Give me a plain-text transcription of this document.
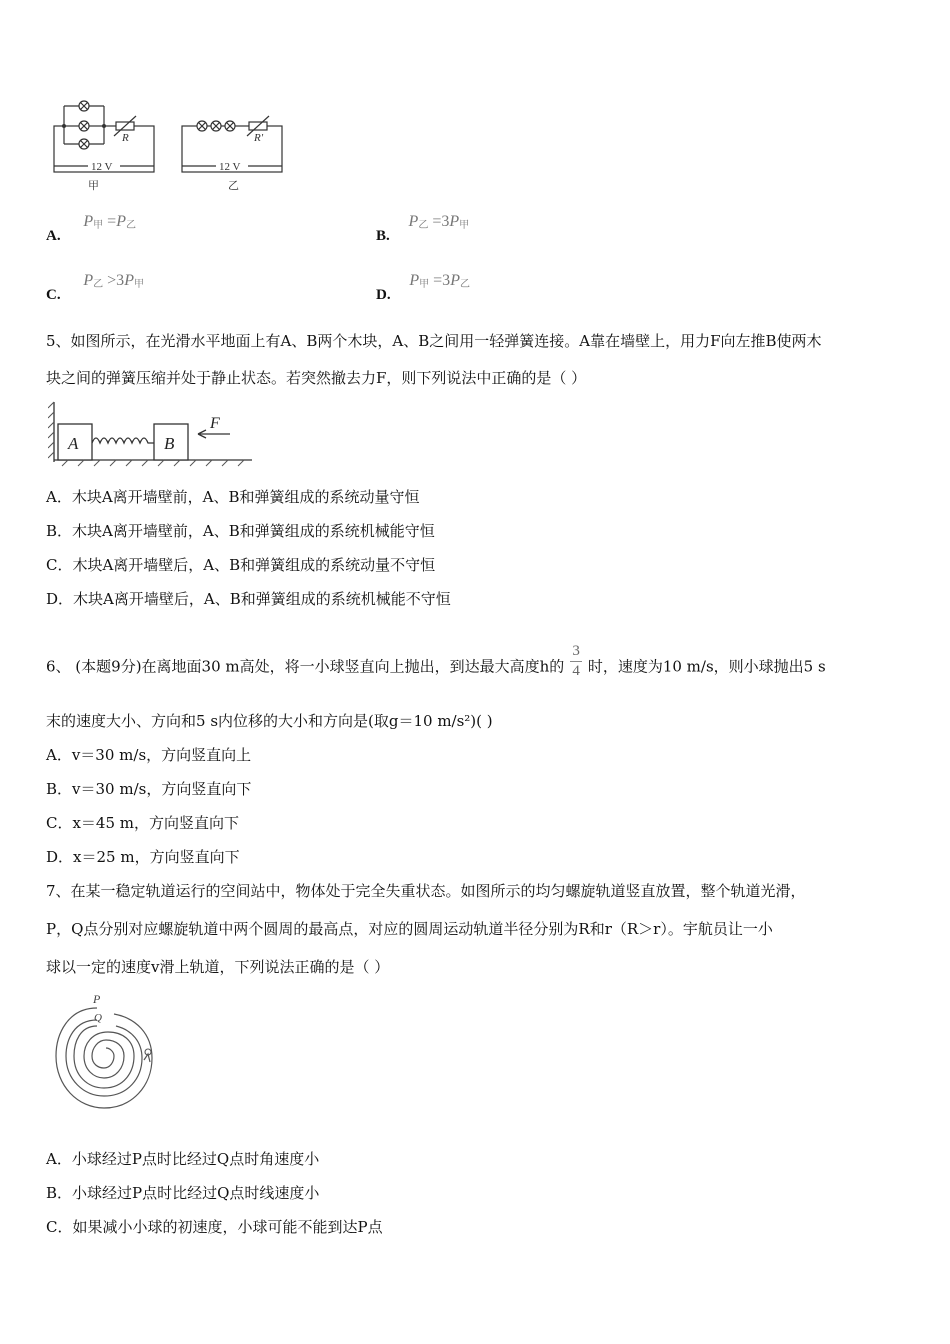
R	R'
12 V	12 V
甲	乙
A. $P_甲 =P_乙$
B. $P_乙 =3P_甲$
C. $P_乙 >3P_甲$
D. $P_甲 =3P_乙$
5、如图所示，在光滑水平地面上有A、B两个木块，A、B之间用一轻弹簧连接。A靠在墙壁上，用力F向左推B使两木
块之间的弹簧压缩并处于静止状态。若突然撤去力F，则下列说法中正确的是（ ）
A	B
F
A．木块A离开墙壁前，A、B和弹簧组成的系统动量守恒
B．木块A离开墙壁前，A、B和弹簧组成的系统机械能守恒
C．木块A离开墙壁后，A、B和弹簧组成的系统动量不守恒
D．木块A离开墙壁后，A、B和弹簧组成的系统机械能不守恒
6、 (本题9分)在离地面30 m高处，将一小球竖直向上抛出，到达最大高度h的 $\frac{3}{4}$ 时，速度为10 m/s，则小球抛出5 s
末的速度大小、方向和5 s内位移的大小和方向是(取g＝10 m/s²)( )
A．v＝30 m/s，方向竖直向上
B．v＝30 m/s，方向竖直向下
C．x＝45 m，方向竖直向下
D．x＝25 m，方向竖直向下
7、在某一稳定轨道运行的空间站中，物体处于完全失重状态。如图所示的均匀螺旋轨道竖直放置，整个轨道光滑，
P，Q点分别对应螺旋轨道中两个圆周的最高点，对应的圆周运动轨道半径分别为R和r（R＞r）。宇航员让一小
球以一定的速度v滑上轨道，下列说法正确的是（ ）
P
Q
A．小球经过P点时比经过Q点时角速度小
B．小球经过P点时比经过Q点时线速度小
C．如果减小小球的初速度，小球可能不能到达P点
